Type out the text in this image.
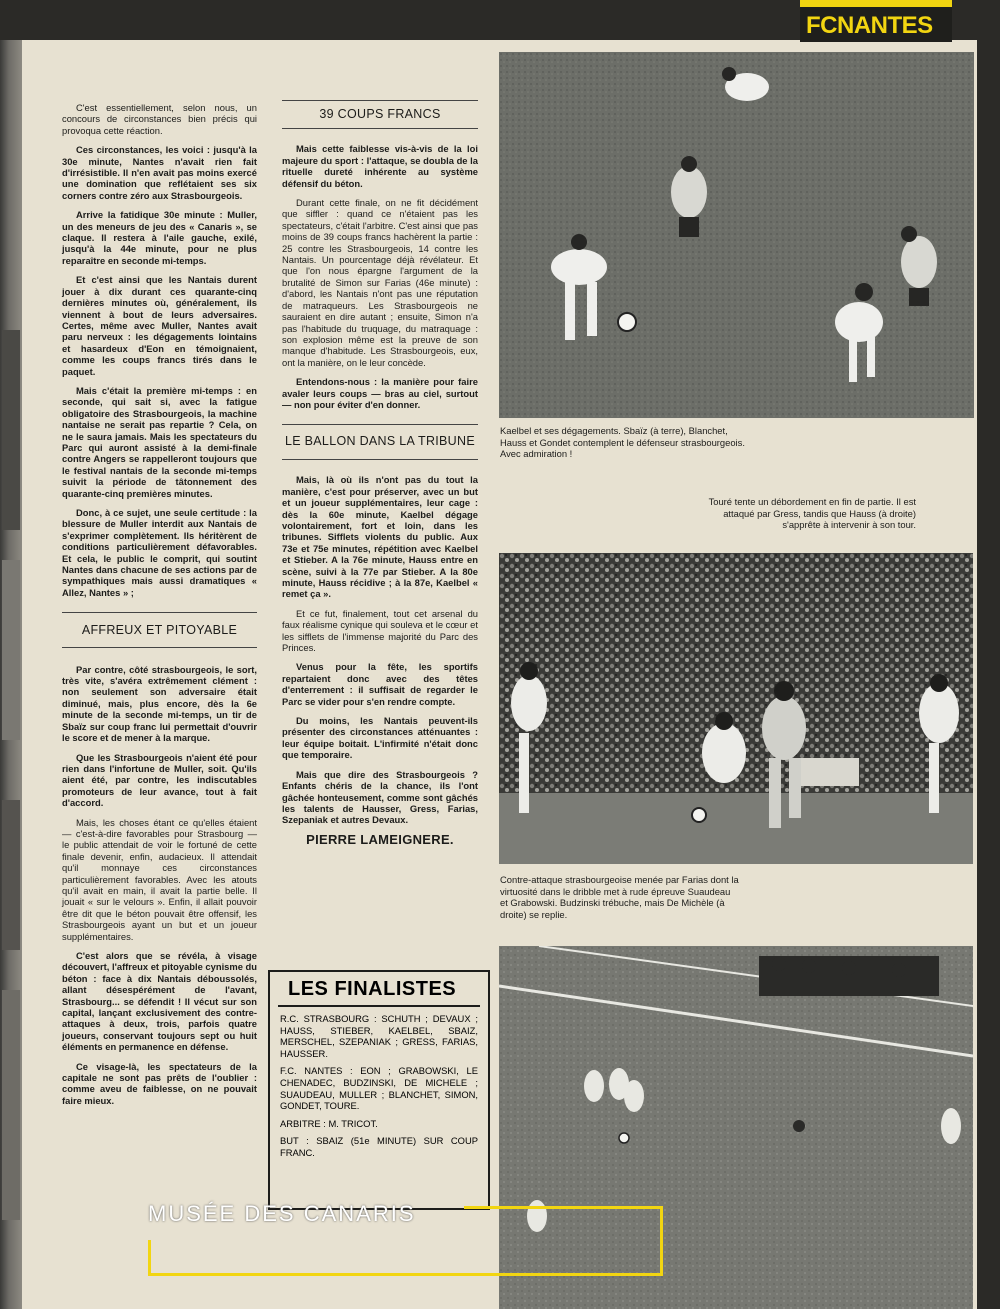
C'est essentiellement, selon nous, un concours de circonstances bien précis qui provoqua cette réaction.

Ces circonstances, les voici : jusqu'à la 30e minute, Nantes n'avait rien fait d'irrésistible. Il n'en avait pas moins exercé une domination que reflétaient ses six corners contre zéro aux Strasbourgeois.

Arrive la fatidique 30e minute : Muller, un des meneurs de jeu des « Canaris », se claque. Il restera à l'aile gauche, exilé, jusqu'à la 44e minute, pour ne plus reparaître en seconde mi-temps.

Et c'est ainsi que les Nantais durent jouer à dix durant ces quarante-cinq dernières minutes où, généralement, ils viennent à bout de leurs adversaires. Certes, même avec Muller, Nantes avait paru nerveux : les dégagements lointains et hasardeux d'Eon en témoignaient, comme les coups francs tirés dans le paquet.

Mais c'était la première mi-temps : en seconde, qui sait si, avec la fatigue obligatoire des Strasbourgeois, la machine nantaise ne serait pas repartie ? Cela, on ne le saura jamais. Mais les spectateurs du Parc qui auront assisté à la demi-finale contre Angers se rappelleront toujours que le festival nantais de la seconde mi-temps suivit la période de tâtonnement des quarante-cinq premières minutes.

Donc, à ce sujet, une seule certitude : la blessure de Muller interdit aux Nantais de s'exprimer complètement. Ils héritèrent de conditions particulièrement défavorables. Et cela, le public le comprit, qui soutint Nantes dans chacune de ses actions par de sympathiques mais aussi dramatiques « Allez, Nantes » ;

AFFREUX ET PITOYABLE

Par contre, côté strasbourgeois, le sort, très vite, s'avéra extrêmement clément : non seulement son adversaire était diminué, mais, plus encore, dès la 6e minute de la seconde mi-temps, un tir de Sbaïz sur coup franc lui permettait d'ouvrir le score et de mener à la marque.

Que les Strasbourgeois n'aient été pour rien dans l'infortune de Muller, soit. Qu'ils aient été, par contre, les indiscutables promoteurs de leur avance, tout à fait d'accord.

Mais, les choses étant ce qu'elles étaient — c'est-à-dire favorables pour Strasbourg — le public attendait de voir le fortuné de cette finale devenir, enfin, audacieux. Il attendait qu'il monnaye ces circonstances particulièrement favorables. Avec les atouts qu'il avait en main, il avait la partie belle. Il jouait « sur le velours ». Enfin, il allait pouvoir être dit que le béton pouvait être offensif, les Strasbourgeois ayant un but et un joueur supplémentaires.

C'est alors que se révéla, à visage découvert, l'affreux et pitoyable cynisme du béton : face à dix Nantais déboussolés, allant désespérément de l'avant, Strasbourg... se défendit ! Il vécut sur son capital, lançant exclusivement des contre-attaques à deux, trois, parfois quatre joueurs, conservant toujours sept ou huit éléments en permanence en défense.

Ce visage-là, les spectateurs de la capitale ne sont pas prêts de l'oublier : comme aveu de faiblesse, on ne pouvait faire mieux.

39 COUPS FRANCS

Mais cette faiblesse vis-à-vis de la loi majeure du sport : l'attaque, se doubla de la rituelle dureté inhérente au système défensif du béton.

Durant cette finale, on ne fit décidément que siffler : quand ce n'étaient pas les spectateurs, c'était l'arbitre. C'est ainsi que pas moins de 39 coups francs hachèrent la partie : 25 contre les Strasbourgeois, 14 contre les Nantais. Un pourcentage déjà révélateur. Et que l'on nous épargne l'argument de la brutalité de Simon sur Farias (46e minute) : d'abord, les Nantais n'ont pas une réputation de matraqueurs. Les Strasbourgeois ne sauraient en dire autant ; ensuite, Simon n'a pas l'habitude du truquage, du matraquage : son explosion même est la preuve de son manque d'habitude. Les Strasbourgeois, eux, ont la manière, on le leur concède.

Entendons-nous : la manière pour faire avaler leurs coups — bras au ciel, surtout — non pour éviter d'en donner.

LE BALLON DANS LA TRIBUNE

Mais, là où ils n'ont pas du tout la manière, c'est pour préserver, avec un but et un joueur supplémentaires, leur cage : dès la 60e minute, Kaelbel dégage volontairement, fort et loin, dans les tribunes. Sifflets violents du public. Aux 73e et 75e minutes, répétition avec Kaelbel et Stieber. A la 76e minute, Hauss entre en scène, suivi à la 77e par Stieber. A la 80e minute, Hauss récidive ; à la 87e, Kaelbel « remet ça ».

Et ce fut, finalement, tout cet arsenal du faux réalisme cynique qui souleva et le cœur et les sifflets de l'immense majorité du Parc des Princes.

Venus pour la fête, les sportifs repartaient donc avec des têtes d'enterrement : il suffisait de regarder le Parc se vider pour s'en rendre compte.

Du moins, les Nantais peuvent-ils présenter des circonstances atténuantes : leur équipe boitait. L'infirmité n'était donc que temporaire.

Mais que dire des Strasbourgeois ? Enfants chéris de la chance, ils l'ont gâchée honteusement, comme sont gâchés les talents de Hausser, Gress, Farias, Szepaniak et autres Devaux.

PIERRE LAMEIGNERE.
LES FINALISTES

R.C. STRASBOURG : SCHUTH ; DEVAUX ; HAUSS, STIEBER, KAELBEL, SBAIZ, MERSCHEL, SZEPANIAK ; GRESS, FARIAS, HAUSSER.

F.C. NANTES : EON ; GRABOWSKI, LE CHENADEC, BUDZINSKI, DE MICHELE ; SUAUDEAU, MULLER ; BLANCHET, SIMON, GONDET, TOURE.

ARBITRE : M. TRICOT.

BUT : SBAIZ (51e MINUTE) SUR COUP FRANC.

Kaelbel et ses dégagements. Sbaïz (à terre), Blanchet, Hauss et Gondet contemplent le défenseur strasbourgeois. Avec admiration !
Touré tente un débordement en fin de partie. Il est attaqué par Gress, tandis que Hauss (à droite) s'apprête à intervenir à son tour.
Contre-attaque strasbourgeoise menée par Farias dont la virtuosité dans le dribble met à rude épreuve Suaudeau et Grabowski. Budzinski trébuche, mais De Michèle (à droite) se replie.
FCNANTES
MUSÉE DES CANARIS
